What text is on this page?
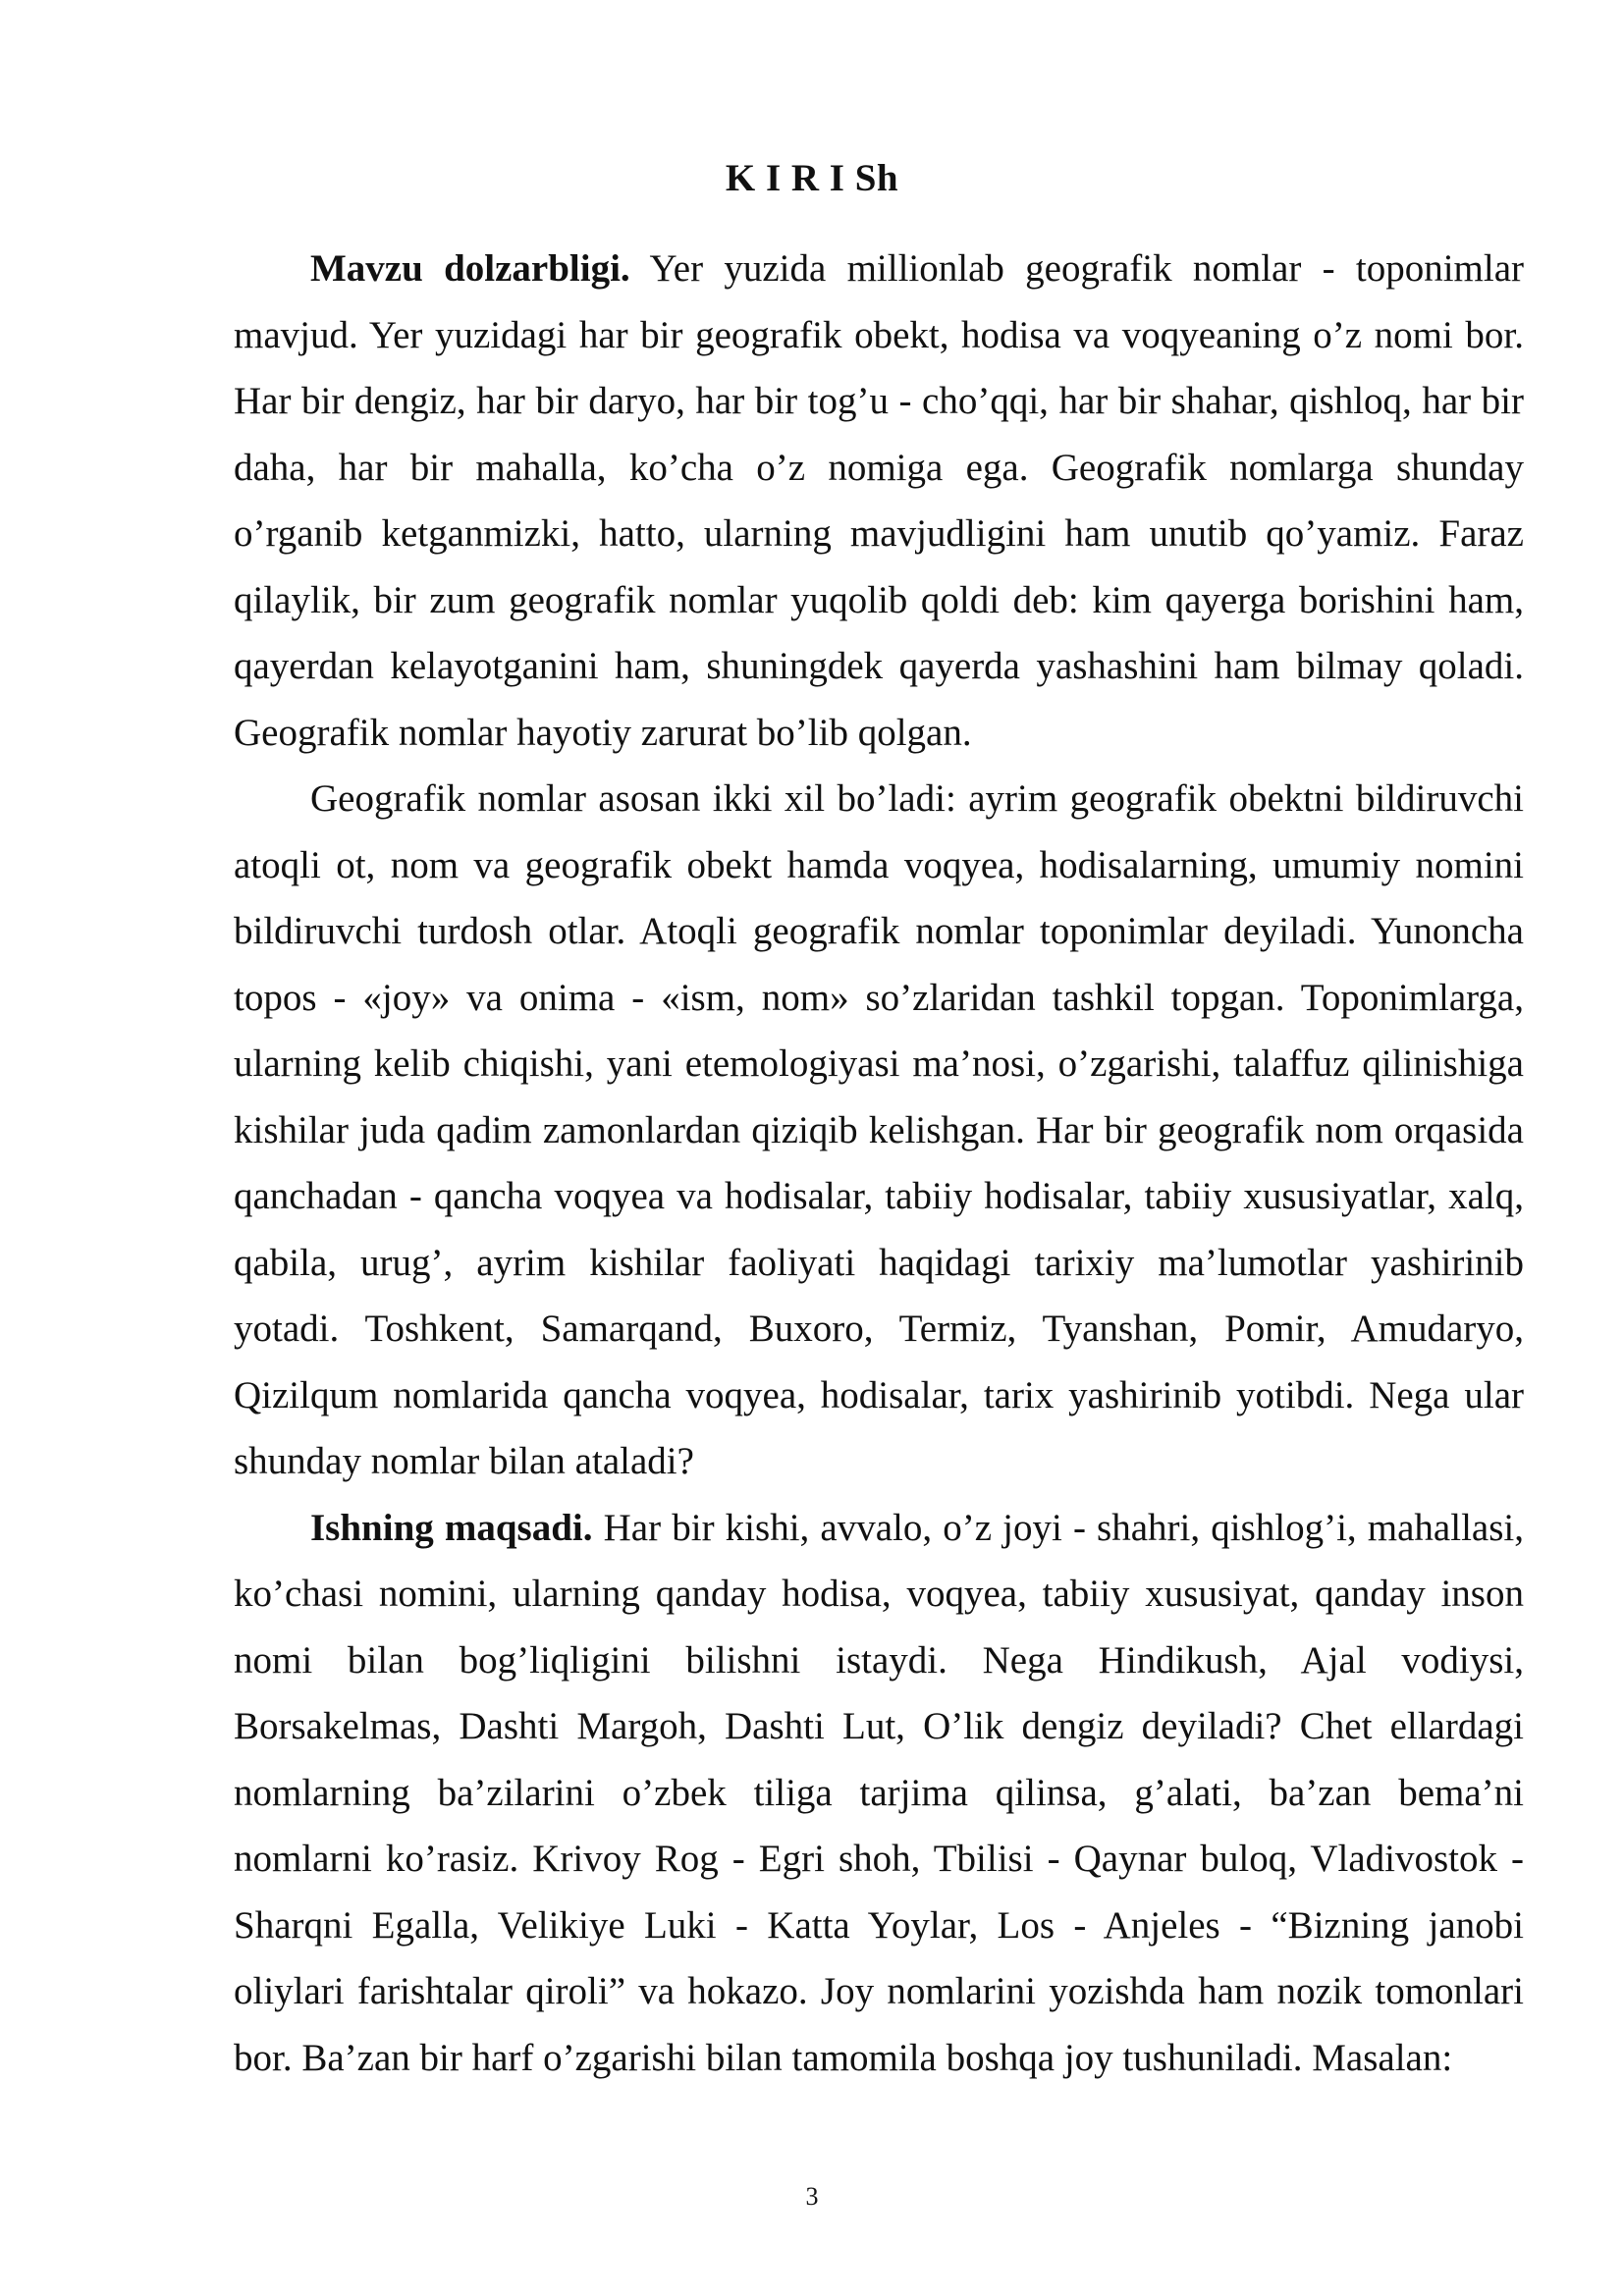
K I R I Sh

Mavzu dolzarbligi. Yer yuzida millionlab geografik nomlar - toponimlar mavjud. Yer yuzidagi har bir geografik obekt, hodisa va voqyeaning o’z nomi bor. Har bir dengiz, har bir daryo, har bir tog’u - cho’qqi, har bir shahar, qishloq, har bir daha, har bir mahalla, ko’cha o’z nomiga ega. Geografik nomlarga shunday o’rganib ketganmizki, hatto, ularning mavjudligini ham unutib qo’yamiz. Faraz qilaylik, bir zum geografik nomlar yuqolib qoldi deb: kim qayerga borishini ham, qayerdan kelayotganini ham, shuningdek qayerda yashashini ham bilmay qoladi. Geografik nomlar hayotiy zarurat bo’lib qolgan.

Geografik nomlar asosan ikki xil bo’ladi: ayrim geografik obektni bildiruvchi atoqli ot, nom va geografik obekt hamda voqyea, hodisalarning, umumiy nomini bildiruvchi turdosh otlar. Atoqli geografik nomlar toponimlar deyiladi. Yunoncha topos - «joy» va onima - «ism, nom» so’zlaridan tashkil topgan. Toponimlarga, ularning kelib chiqishi, yani etemologiyasi ma’nosi, o’zgarishi, talaffuz qilinishiga kishilar juda qadim zamonlardan qiziqib kelishgan. Har bir geografik nom orqasida qanchadan - qancha voqyea va hodisalar, tabiiy hodisalar, tabiiy xususiyatlar, xalq, qabila, urug’, ayrim kishilar faoliyati haqidagi tarixiy ma’lumotlar yashirinib yotadi. Toshkent, Samarqand, Buxoro, Termiz, Tyanshan, Pomir, Amudaryo, Qizilqum nomlarida qancha voqyea, hodisalar, tarix yashirinib yotibdi. Nega ular shunday nomlar bilan ataladi?

Ishning maqsadi. Har bir kishi, avvalo, o’z joyi - shahri, qishlog’i, mahallasi, ko’chasi nomini, ularning qanday hodisa, voqyea, tabiiy xususiyat, qanday inson nomi bilan bog’liqligini bilishni istaydi. Nega Hindikush, Ajal vodiysi, Borsakelmas, Dashti Margoh, Dashti Lut, O’lik dengiz deyiladi? Chet ellardagi nomlarning ba’zilarini o’zbek tiliga tarjima qilinsa, g’alati, ba’zan bema’ni nomlarni ko’rasiz. Krivoy Rog - Egri shoh, Tbilisi - Qaynar buloq, Vladivostok - Sharqni Egalla, Velikiye Luki - Katta Yoylar, Los - Anjeles - “Bizning janobi oliylari farishtalar qiroli” va hokazo. Joy nomlarini yozishda ham nozik tomonlari bor. Ba’zan bir harf o’zgarishi bilan tamomila boshqa joy tushuniladi. Masalan:

3
